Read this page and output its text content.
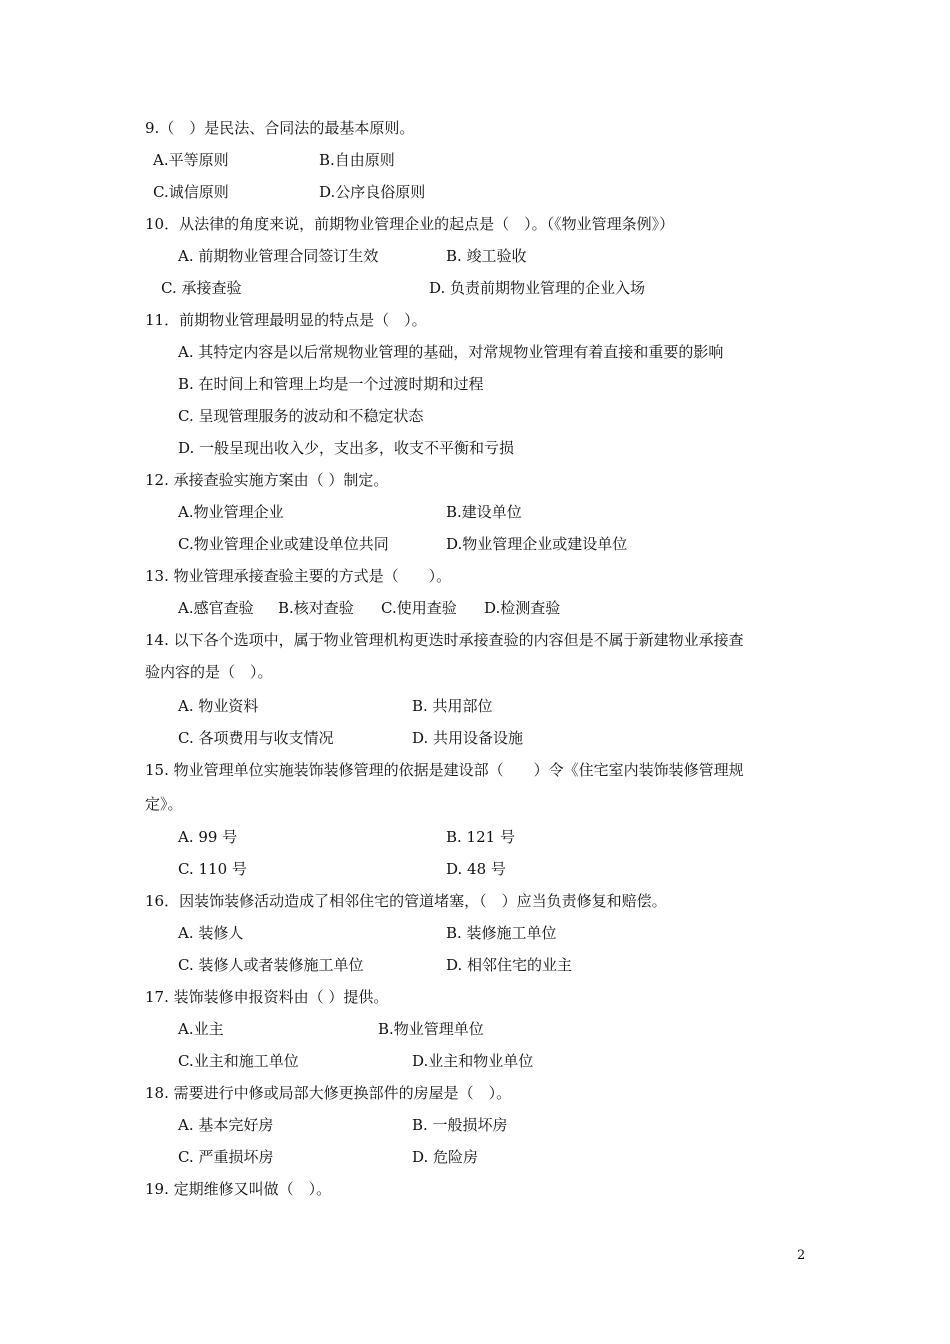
9.（　）是民法、合同法的最基本原则。
A.平等原则	B.自由原则
C.诚信原则	D.公序良俗原则
10．从法律的角度来说，前期物业管理企业的起点是（　）。（《物业管理条例》）
A. 前期物业管理合同签订生效	B. 竣工验收
C. 承接查验	D. 负责前期物业管理的企业入场
11．前期物业管理最明显的特点是（　）。
A. 其特定内容是以后常规物业管理的基础，对常规物业管理有着直接和重要的影响
B. 在时间上和管理上均是一个过渡时期和过程
C. 呈现管理服务的波动和不稳定状态
D. 一般呈现出收入少，支出多，收支不平衡和亏损
12. 承接查验实施方案由（ ）制定。
A.物业管理企业	B.建设单位
C.物业管理企业或建设单位共同	D.物业管理企业或建设单位
13. 物业管理承接查验主要的方式是（　　）。
A.感官查验 B.核对查验 C.使用查验 D.检测查验
14. 以下各个选项中，属于物业管理机构更迭时承接查验的内容但是不属于新建物业承接查
验内容的是（　）。
A. 物业资料	B. 共用部位
C. 各项费用与收支情况	D. 共用设备设施
15. 物业管理单位实施装饰装修管理的依据是建设部（　　）令《住宅室内装饰装修管理规
定》。
A. 99 号	B. 121 号
C. 110 号	D. 48 号
16．因装饰装修活动造成了相邻住宅的管道堵塞，（　）应当负责修复和赔偿。
A. 装修人	B. 装修施工单位
C. 装修人或者装修施工单位	D. 相邻住宅的业主
17. 装饰装修申报资料由（ ）提供。
A.业主	B.物业管理单位
C.业主和施工单位	D.业主和物业单位
18. 需要进行中修或局部大修更换部件的房屋是（　）。
A. 基本完好房	B. 一般损坏房
C. 严重损坏房	D. 危险房
19. 定期维修又叫做（　）。
2
